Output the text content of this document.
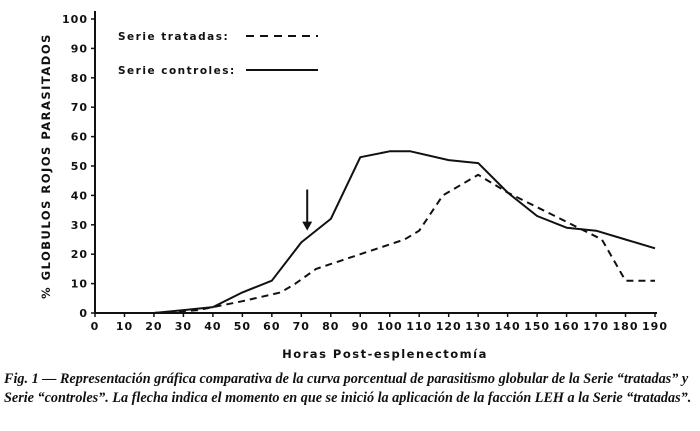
0
10
20
30
40
50
60
70
80
90
100
0 10 20 30 40 50 60 70 80 90 100 110 120 130 140 150 160 170 180 190
% GLOBULOS ROJOS PARASITADOS
Horas Post-esplenectomía
Serie tratadas:
Serie controles:
Fig. 1 — Representación gráfica comparativa de la curva porcentual de parasitismo globular de la Serie “tratadas” y Serie “controles”. La flecha indica el momento en que se inició la aplicación de la facción LEH a la Serie “tratadas”.
